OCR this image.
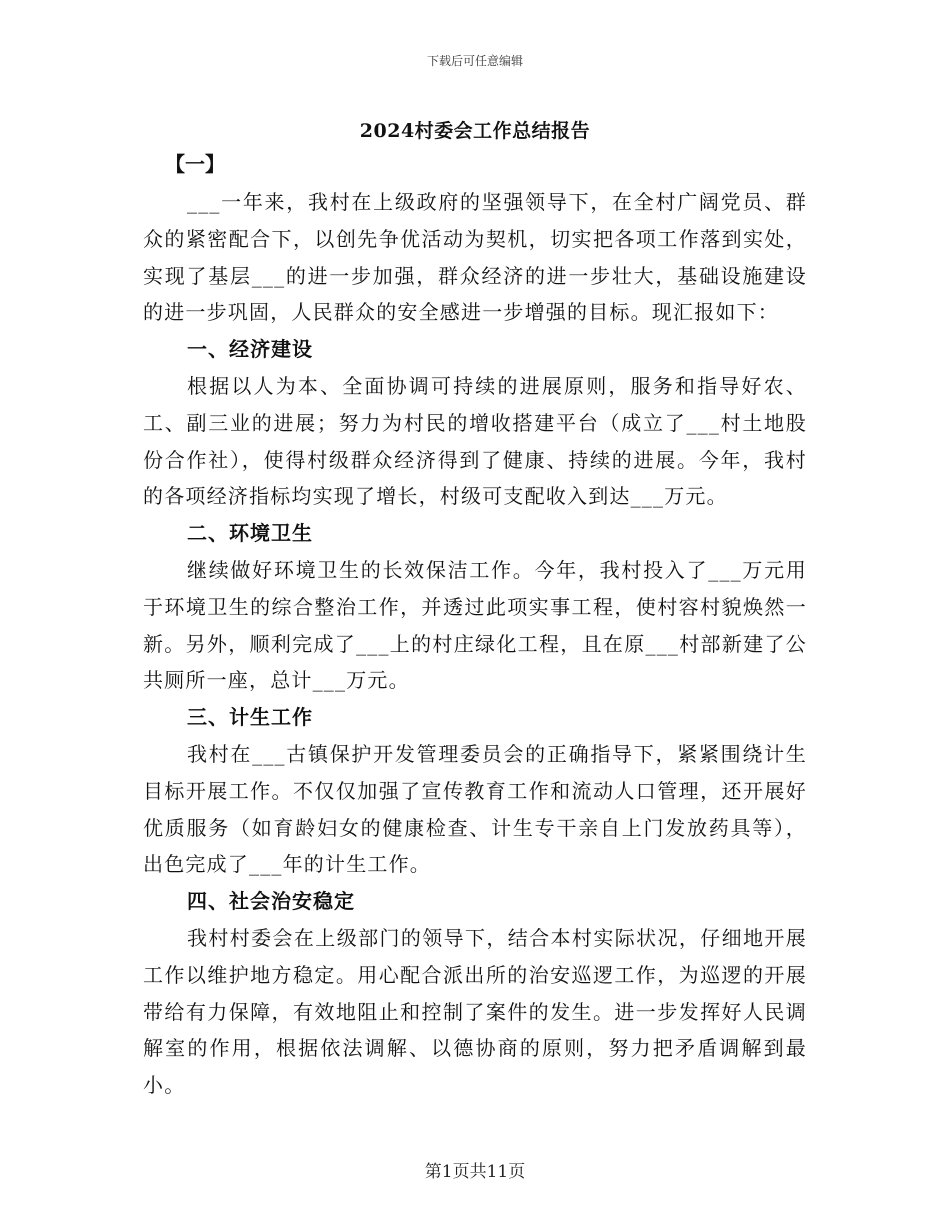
下载后可任意编辑
2024村委会工作总结报告
【一】

___一年来，我村在上级政府的坚强领导下，在全村广阔党员、群众的紧密配合下，以创先争优活动为契机，切实把各项工作落到实处，实现了基层___的进一步加强，群众经济的进一步壮大，基础设施建设的进一步巩固，人民群众的安全感进一步增强的目标。现汇报如下：

一、经济建设

根据以人为本、全面协调可持续的进展原则，服务和指导好农、工、副三业的进展；努力为村民的增收搭建平台（成立了___村土地股份合作社），使得村级群众经济得到了健康、持续的进展。今年，我村的各项经济指标均实现了增长，村级可支配收入到达___万元。

二、环境卫生

继续做好环境卫生的长效保洁工作。今年，我村投入了___万元用于环境卫生的综合整治工作，并透过此项实事工程，使村容村貌焕然一新。另外，顺利完成了___上的村庄绿化工程，且在原___村部新建了公共厕所一座，总计___万元。

三、计生工作

我村在___古镇保护开发管理委员会的正确指导下，紧紧围绕计生目标开展工作。不仅仅加强了宣传教育工作和流动人口管理，还开展好优质服务（如育龄妇女的健康检查、计生专干亲自上门发放药具等），出色完成了___年的计生工作。

四、社会治安稳定

我村村委会在上级部门的领导下，结合本村实际状况，仔细地开展工作以维护地方稳定。用心配合派出所的治安巡逻工作，为巡逻的开展带给有力保障，有效地阻止和控制了案件的发生。进一步发挥好人民调解室的作用，根据依法调解、以德协商的原则，努力把矛盾调解到最小。

第1页共11页
